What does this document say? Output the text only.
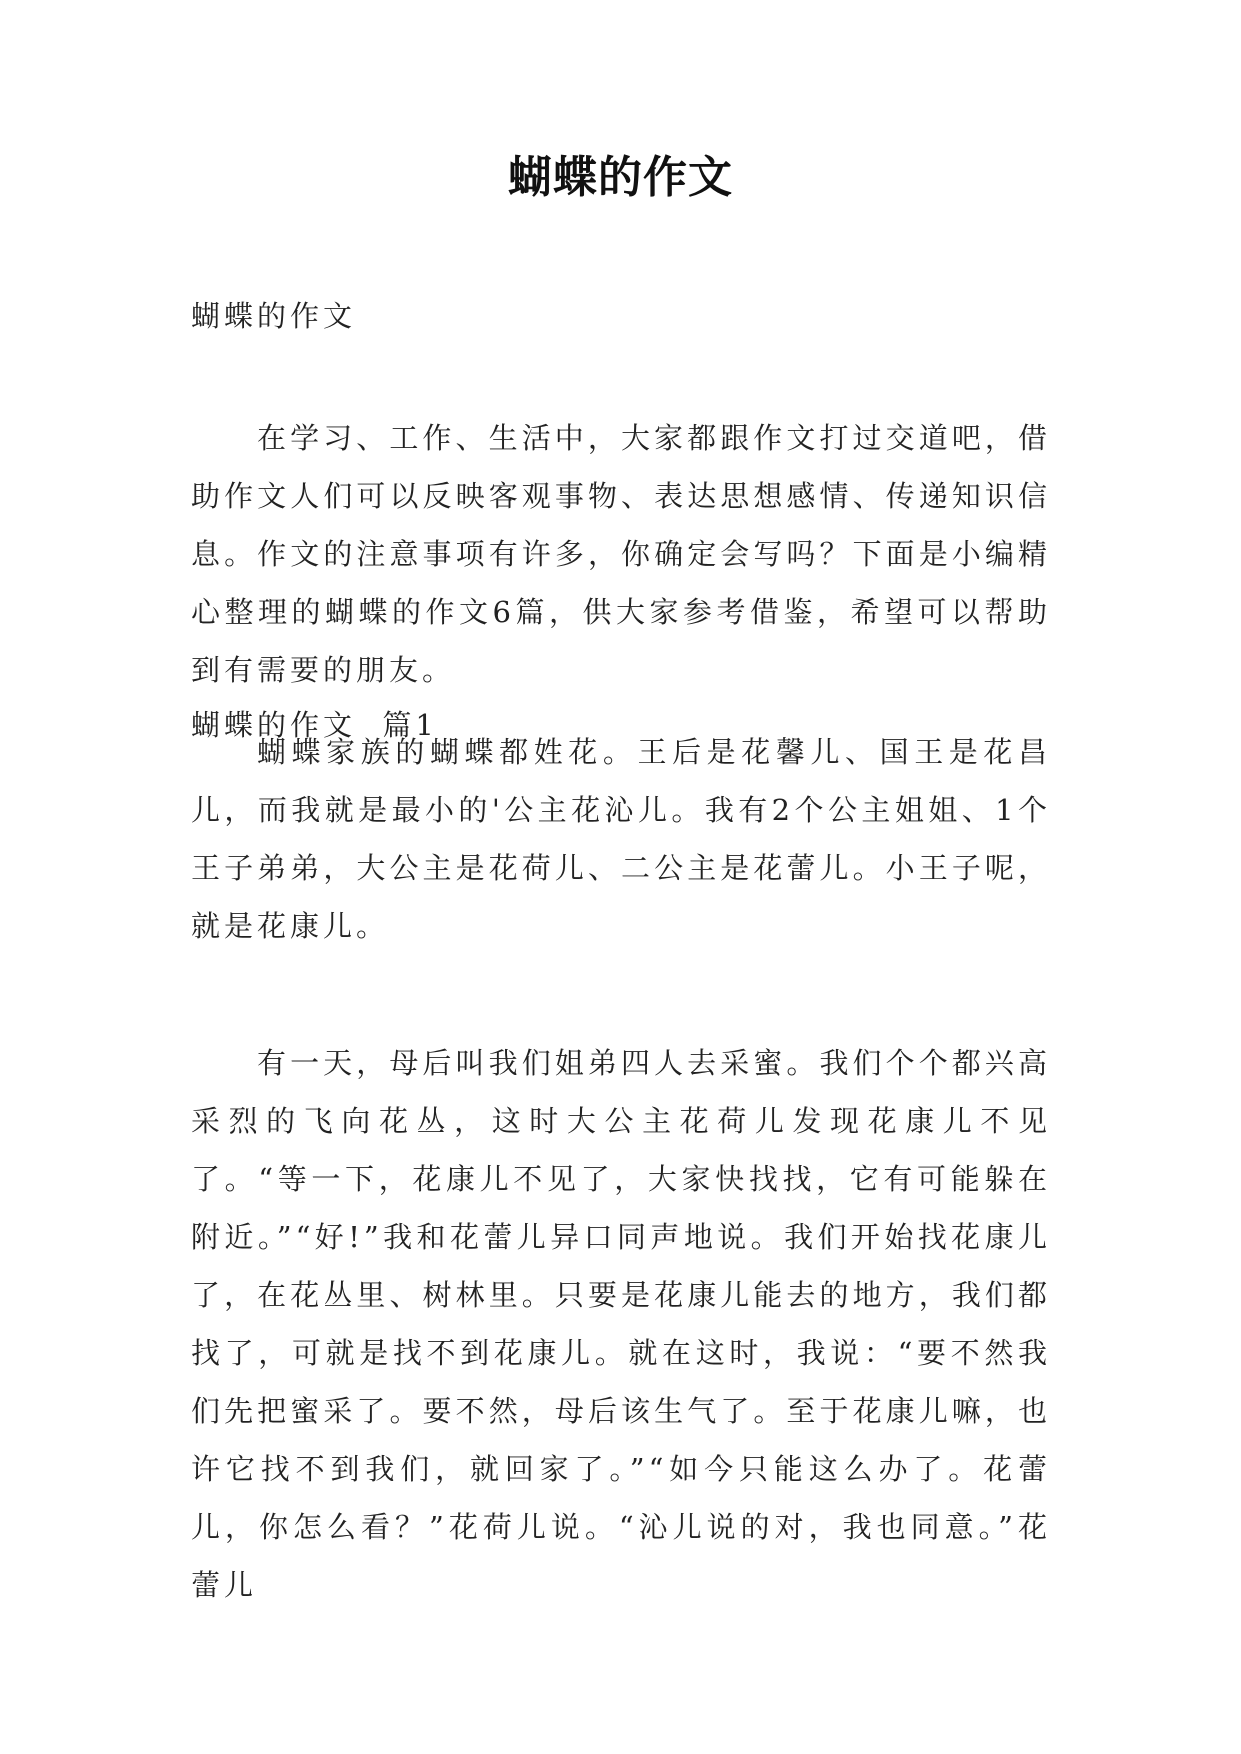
蝴蝶的作文
蝴蝶的作文

在学习、工作、生活中，大家都跟作文打过交道吧，借助作文人们可以反映客观事物、表达思想感情、传递知识信息。作文的注意事项有许多，你确定会写吗？下面是小编精心整理的蝴蝶的作文6篇，供大家参考借鉴，希望可以帮助到有需要的朋友。

蝴蝶的作文  篇1

蝴蝶家族的蝴蝶都姓花。王后是花馨儿、国王是花昌儿，而我就是最小的'公主花沁儿。我有2个公主姐姐、1个王子弟弟，大公主是花荷儿、二公主是花蕾儿。小王子呢，就是花康儿。

有一天，母后叫我们姐弟四人去采蜜。我们个个都兴高采烈的飞向花丛，这时大公主花荷儿发现花康儿不见了。“等一下，花康儿不见了，大家快找找，它有可能躲在附近。”“好!”我和花蕾儿异口同声地说。我们开始找花康儿了，在花丛里、树林里。只要是花康儿能去的地方，我们都找了，可就是找不到花康儿。就在这时，我说：“要不然我们先把蜜采了。要不然，母后该生气了。至于花康儿嘛，也许它找不到我们，就回家了。”“如今只能这么办了。花蕾儿，你怎么看？”花荷儿说。“沁儿说的对，我也同意。”花蕾儿
